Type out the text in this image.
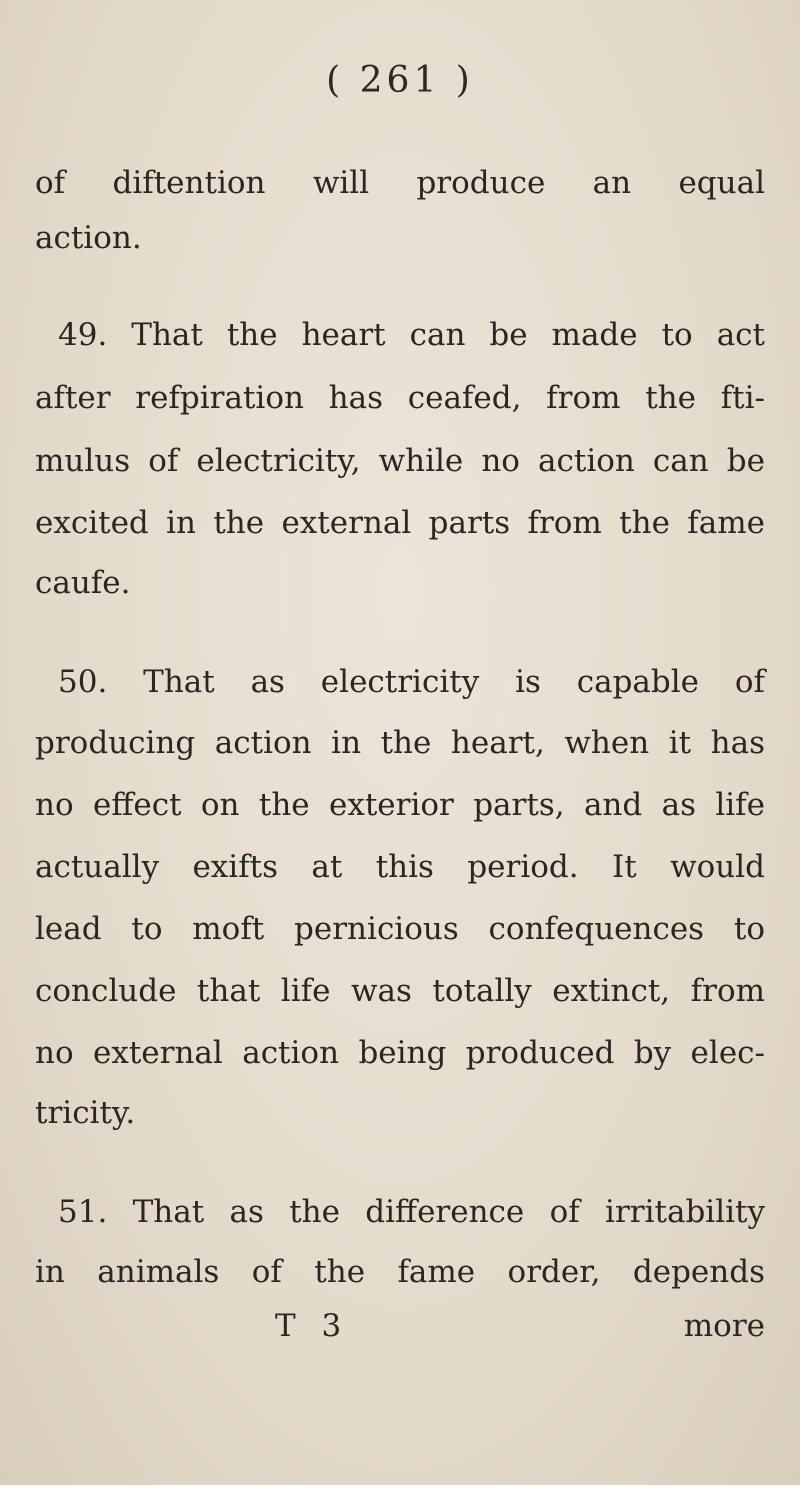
( 261 )
of diftention will produce an equal
action.
49. That the heart can be made to act
after refpiration has ceafed, from the fti-
mulus of electricity, while no action can be
excited in the external parts from the fame
caufe.
50. That as electricity is capable of
producing action in the heart, when it has
no effect on the exterior parts, and as life
actually exifts at this period. It would
lead to moft pernicious confequences to
conclude that life was totally extinct, from
no external action being produced by elec-
tricity.
51. That as the difference of irritability
in animals of the fame order, depends
T 3	more
